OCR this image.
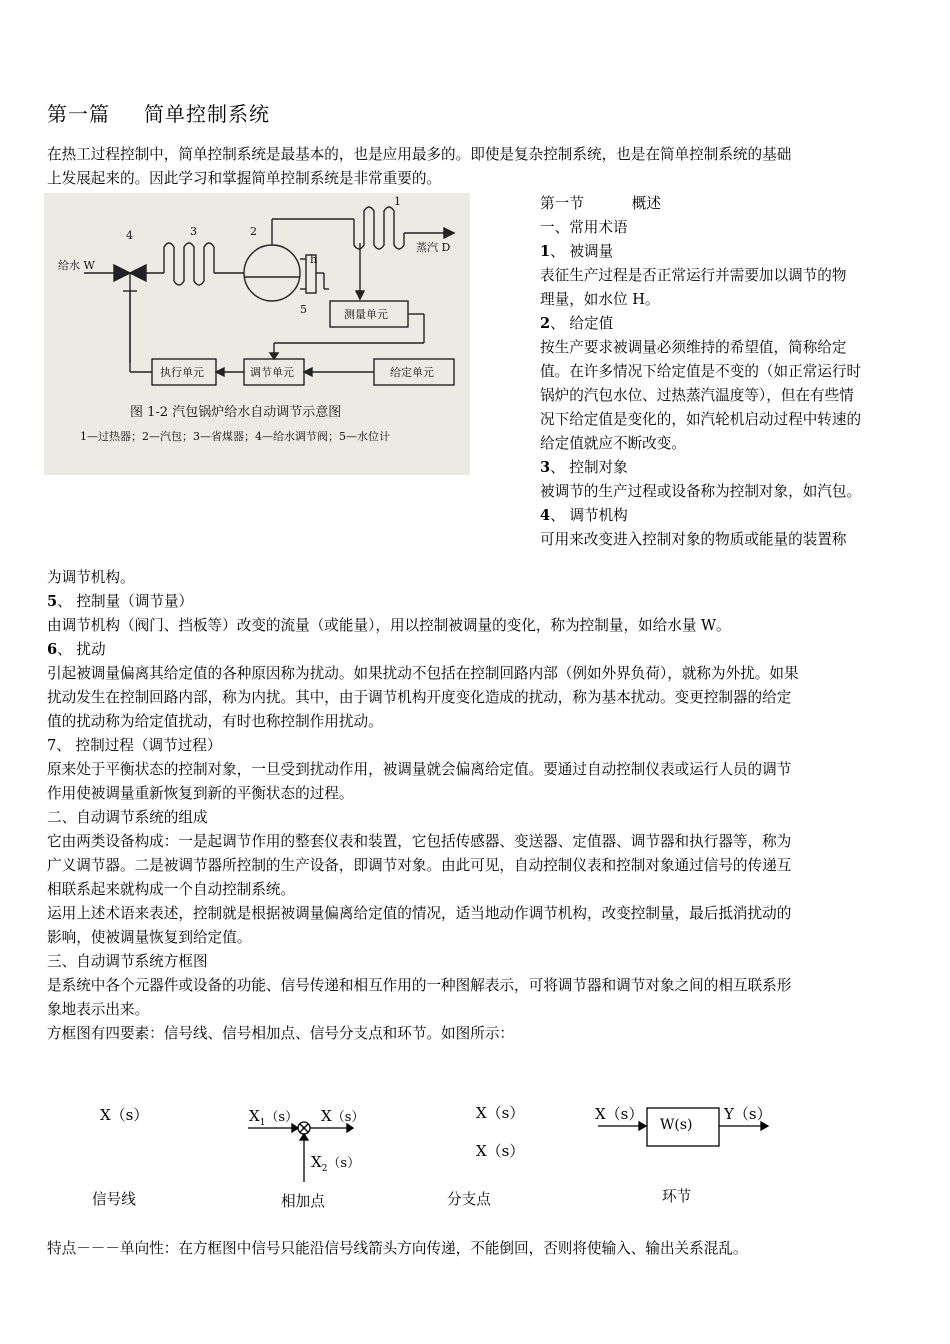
第一篇 简单控制系统
在热工过程控制中，简单控制系统是最基本的，也是应用最多的。即使是复杂控制系统，也是在简单控制系统的基础
上发展起来的。因此学习和掌握简单控制系统是非常重要的。
给水 W
蒸汽 D
测量单元
执行单元	调节单元	给定单元
1
2
3
4
5
h
图 1-2 汽包锅炉给水自动调节示意图
1—过热器；2—汽包；3—省煤器；4—给水调节阀；5—水位计
第一节	概述
一、常用术语
1、 被调量
表征生产过程是否正常运行并需要加以调节的物
理量，如水位 H。
2、 给定值
按生产要求被调量必须维持的希望值，简称给定
值。在许多情况下给定值是不变的（如正常运行时
锅炉的汽包水位、过热蒸汽温度等），但在有些情
况下给定值是变化的，如汽轮机启动过程中转速的
给定值就应不断改变。
3、 控制对象
被调节的生产过程或设备称为控制对象，如汽包。
4、 调节机构
可用来改变进入控制对象的物质或能量的装置称
为调节机构。
5、 控制量（调节量）
由调节机构（阀门、挡板等）改变的流量（或能量），用以控制被调量的变化，称为控制量，如给水量 W。
6、 扰动
引起被调量偏离其给定值的各种原因称为扰动。如果扰动不包括在控制回路内部（例如外界负荷），就称为外扰。如果
扰动发生在控制回路内部，称为内扰。其中，由于调节机构开度变化造成的扰动，称为基本扰动。变更控制器的给定
值的扰动称为给定值扰动，有时也称控制作用扰动。
7、 控制过程（调节过程）
原来处于平衡状态的控制对象，一旦受到扰动作用，被调量就会偏离给定值。要通过自动控制仪表或运行人员的调节
作用使被调量重新恢复到新的平衡状态的过程。
二、自动调节系统的组成
它由两类设备构成：一是起调节作用的整套仪表和装置，它包括传感器、变送器、定值器、调节器和执行器等，称为
广义调节器。二是被调节器所控制的生产设备，即调节对象。由此可见，自动控制仪表和控制对象通过信号的传递互
相联系起来就构成一个自动控制系统。
运用上述术语来表述，控制就是根据被调量偏离给定值的情况，适当地动作调节机构，改变控制量，最后抵消扰动的
影响，使被调量恢复到给定值。
三、自动调节系统方框图
是系统中各个元器件或设备的功能、信号传递和相互作用的一种图解表示，可将调节器和调节对象之间的相互联系形
象地表示出来。
方框图有四要素：信号线、信号相加点、信号分支点和环节。如图所示：
X（s）
信号线
$X_1(s)$ X（s）
$X_2(s)$
相加点
X（s）
X（s）
分支点
X（s）
W(s)
Y（s）
环节
特点－－－单向性：在方框图中信号只能沿信号线箭头方向传递，不能倒回，否则将使输入、输出关系混乱。
